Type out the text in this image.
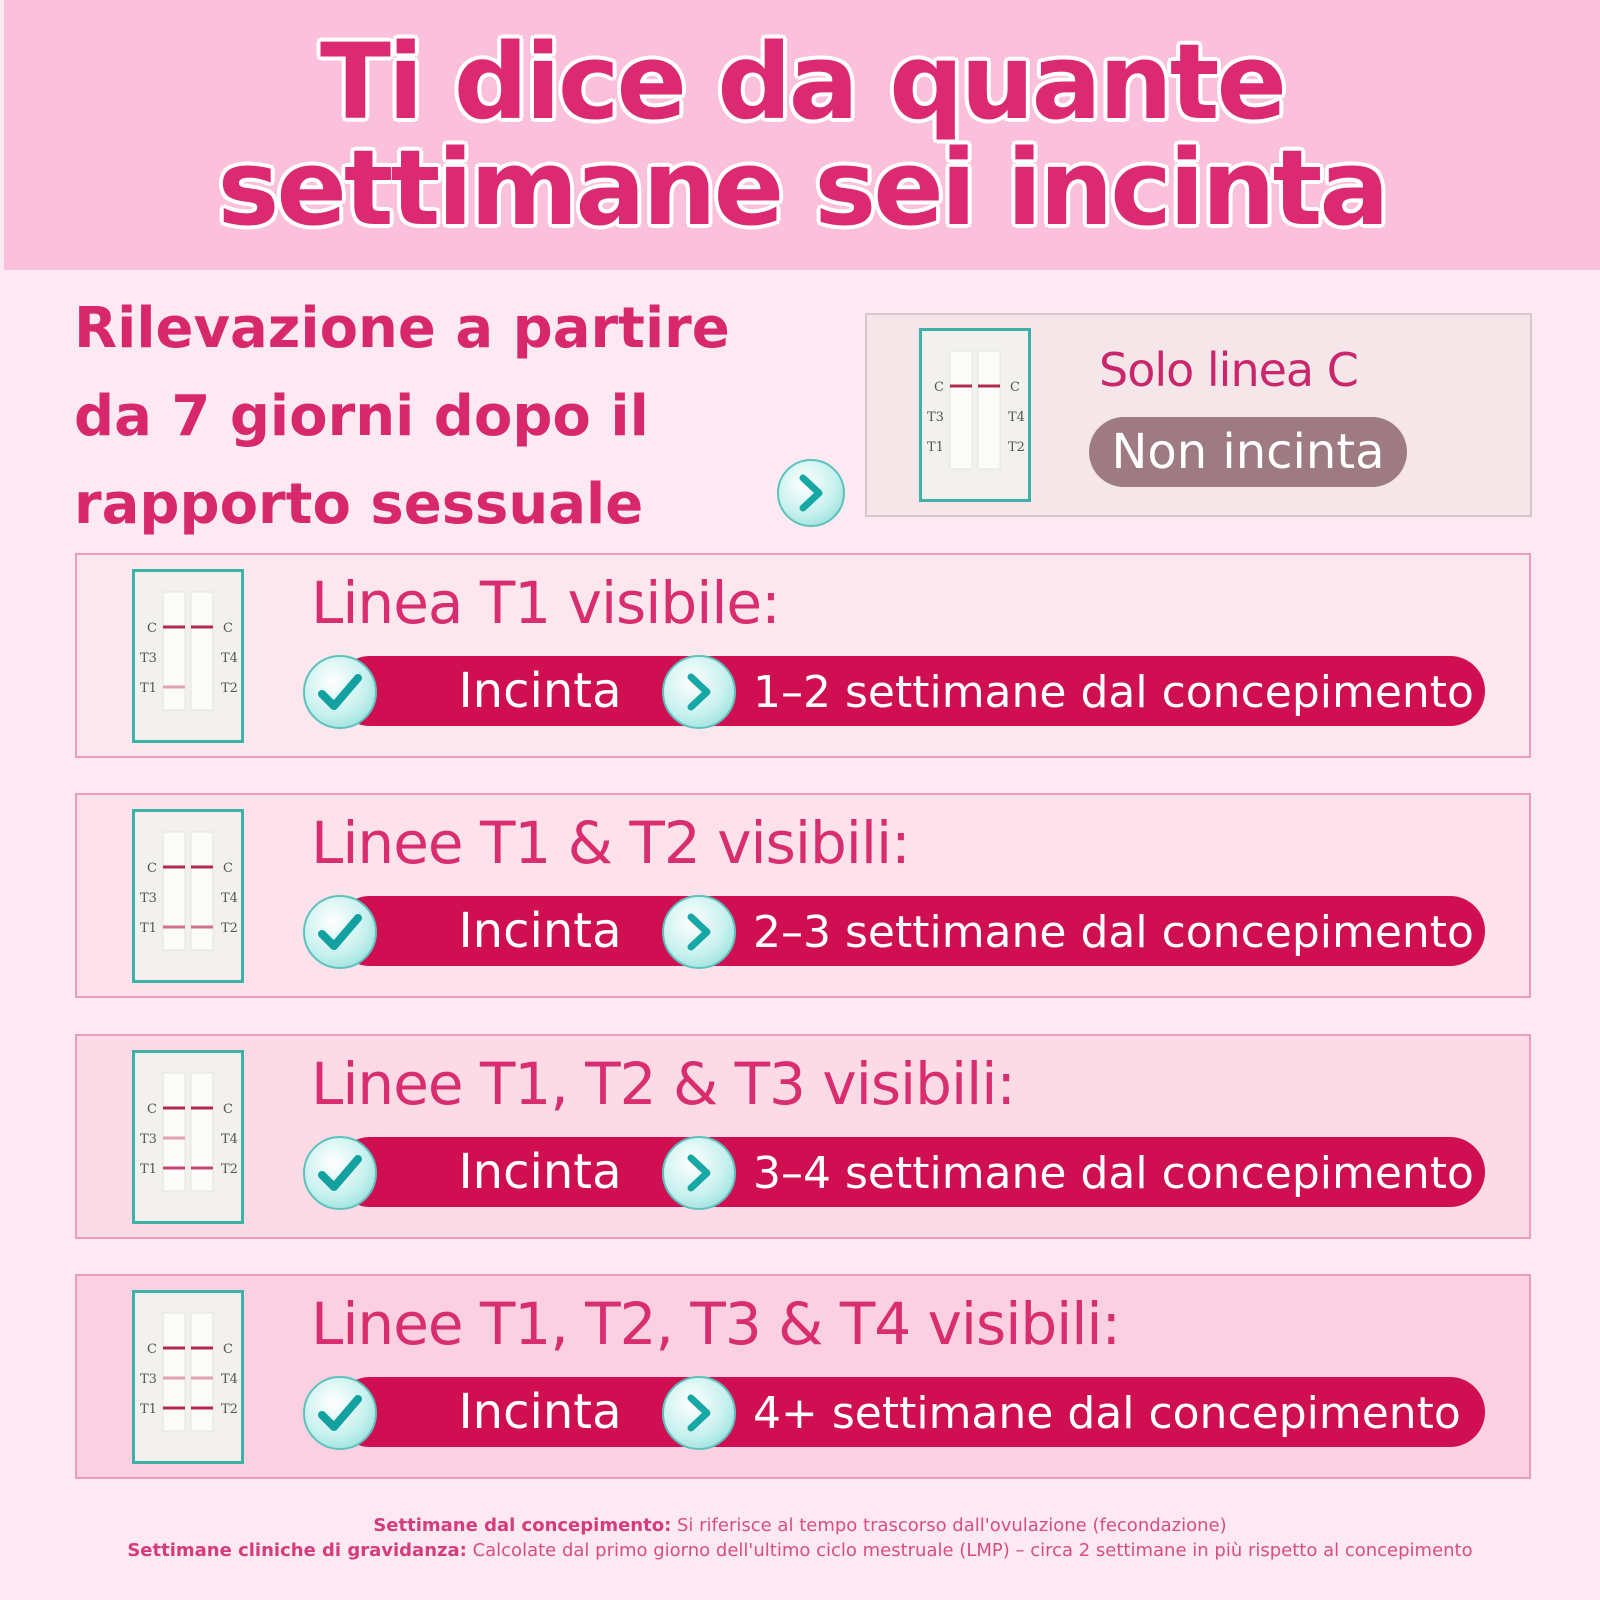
Ti dice da quante
settimane sei incinta
Rilevazione a partire
da 7 giorni dopo il
rapporto sessuale
C	C
T3	T4
T1	T2
Solo linea C
Non incinta
C	C
T3	T4
T1	T2
Linea T1 visibile:
Incinta	1–2 settimane dal concepimento
C	C
T3	T4
T1	T2
Linee T1 & T2 visibili:
Incinta	2–3 settimane dal concepimento
C	C
T3	T4
T1	T2
Linee T1, T2 & T3 visibili:
Incinta	3–4 settimane dal concepimento
C	C
T3	T4
T1	T2
Linee T1, T2, T3 & T4 visibili:
Incinta	4+ settimane dal concepimento
Settimane dal concepimento: Si riferisce al tempo trascorso dall'ovulazione (fecondazione)
Settimane cliniche di gravidanza: Calcolate dal primo giorno dell'ultimo ciclo mestruale (LMP) – circa 2 settimane in più rispetto al concepimento
